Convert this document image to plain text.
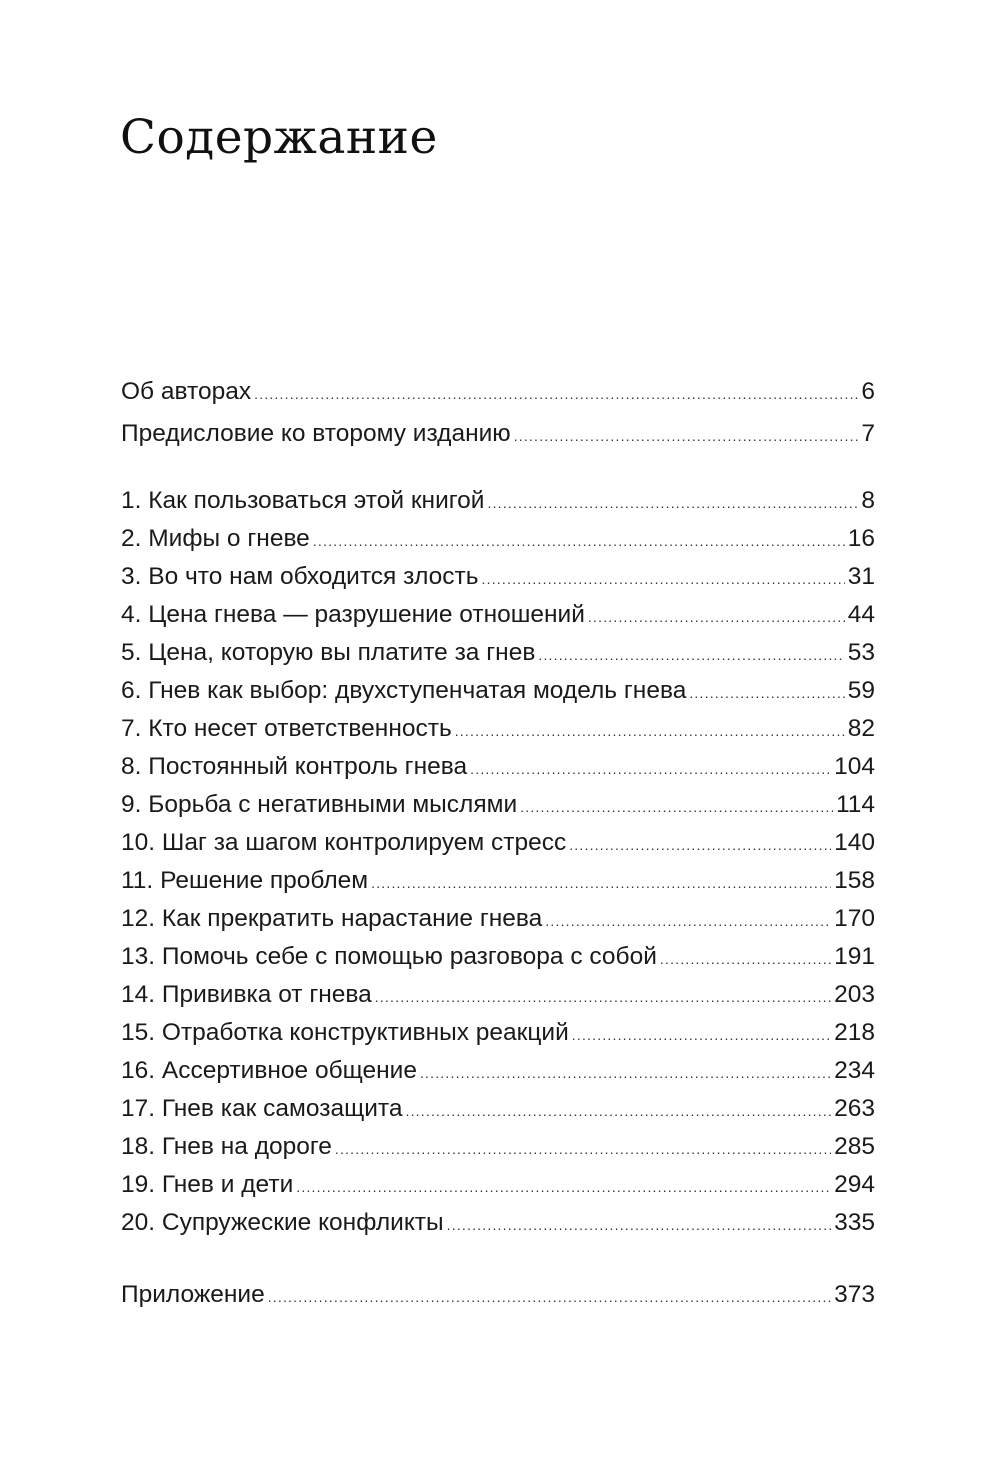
Содержание
Об авторах .....	6
Предисловие ко второму изданию .....	7
1. Как пользоваться этой книгой .....	8
2. Мифы о гневе .....	16
3. Во что нам обходится злость .....	31
4. Цена гнева — разрушение отношений .....	44
5. Цена, которую вы платите за гнев .....	53
6. Гнев как выбор: двухступенчатая модель гнева .....	59
7. Кто несет ответственность .....	82
8. Постоянный контроль гнева .....	104
9. Борьба с негативными мыслями .....	114
10. Шаг за шагом контролируем стресс .....	140
11. Решение проблем .....	158
12. Как прекратить нарастание гнева .....	170
13. Помочь себе с помощью разговора с собой .....	191
14. Прививка от гнева .....	203
15. Отработка конструктивных реакций .....	218
16. Ассертивное общение .....	234
17. Гнев как самозащита .....	263
18. Гнев на дороге .....	285
19. Гнев и дети .....	294
20. Супружеские конфликты .....	335
Приложение .....	373
